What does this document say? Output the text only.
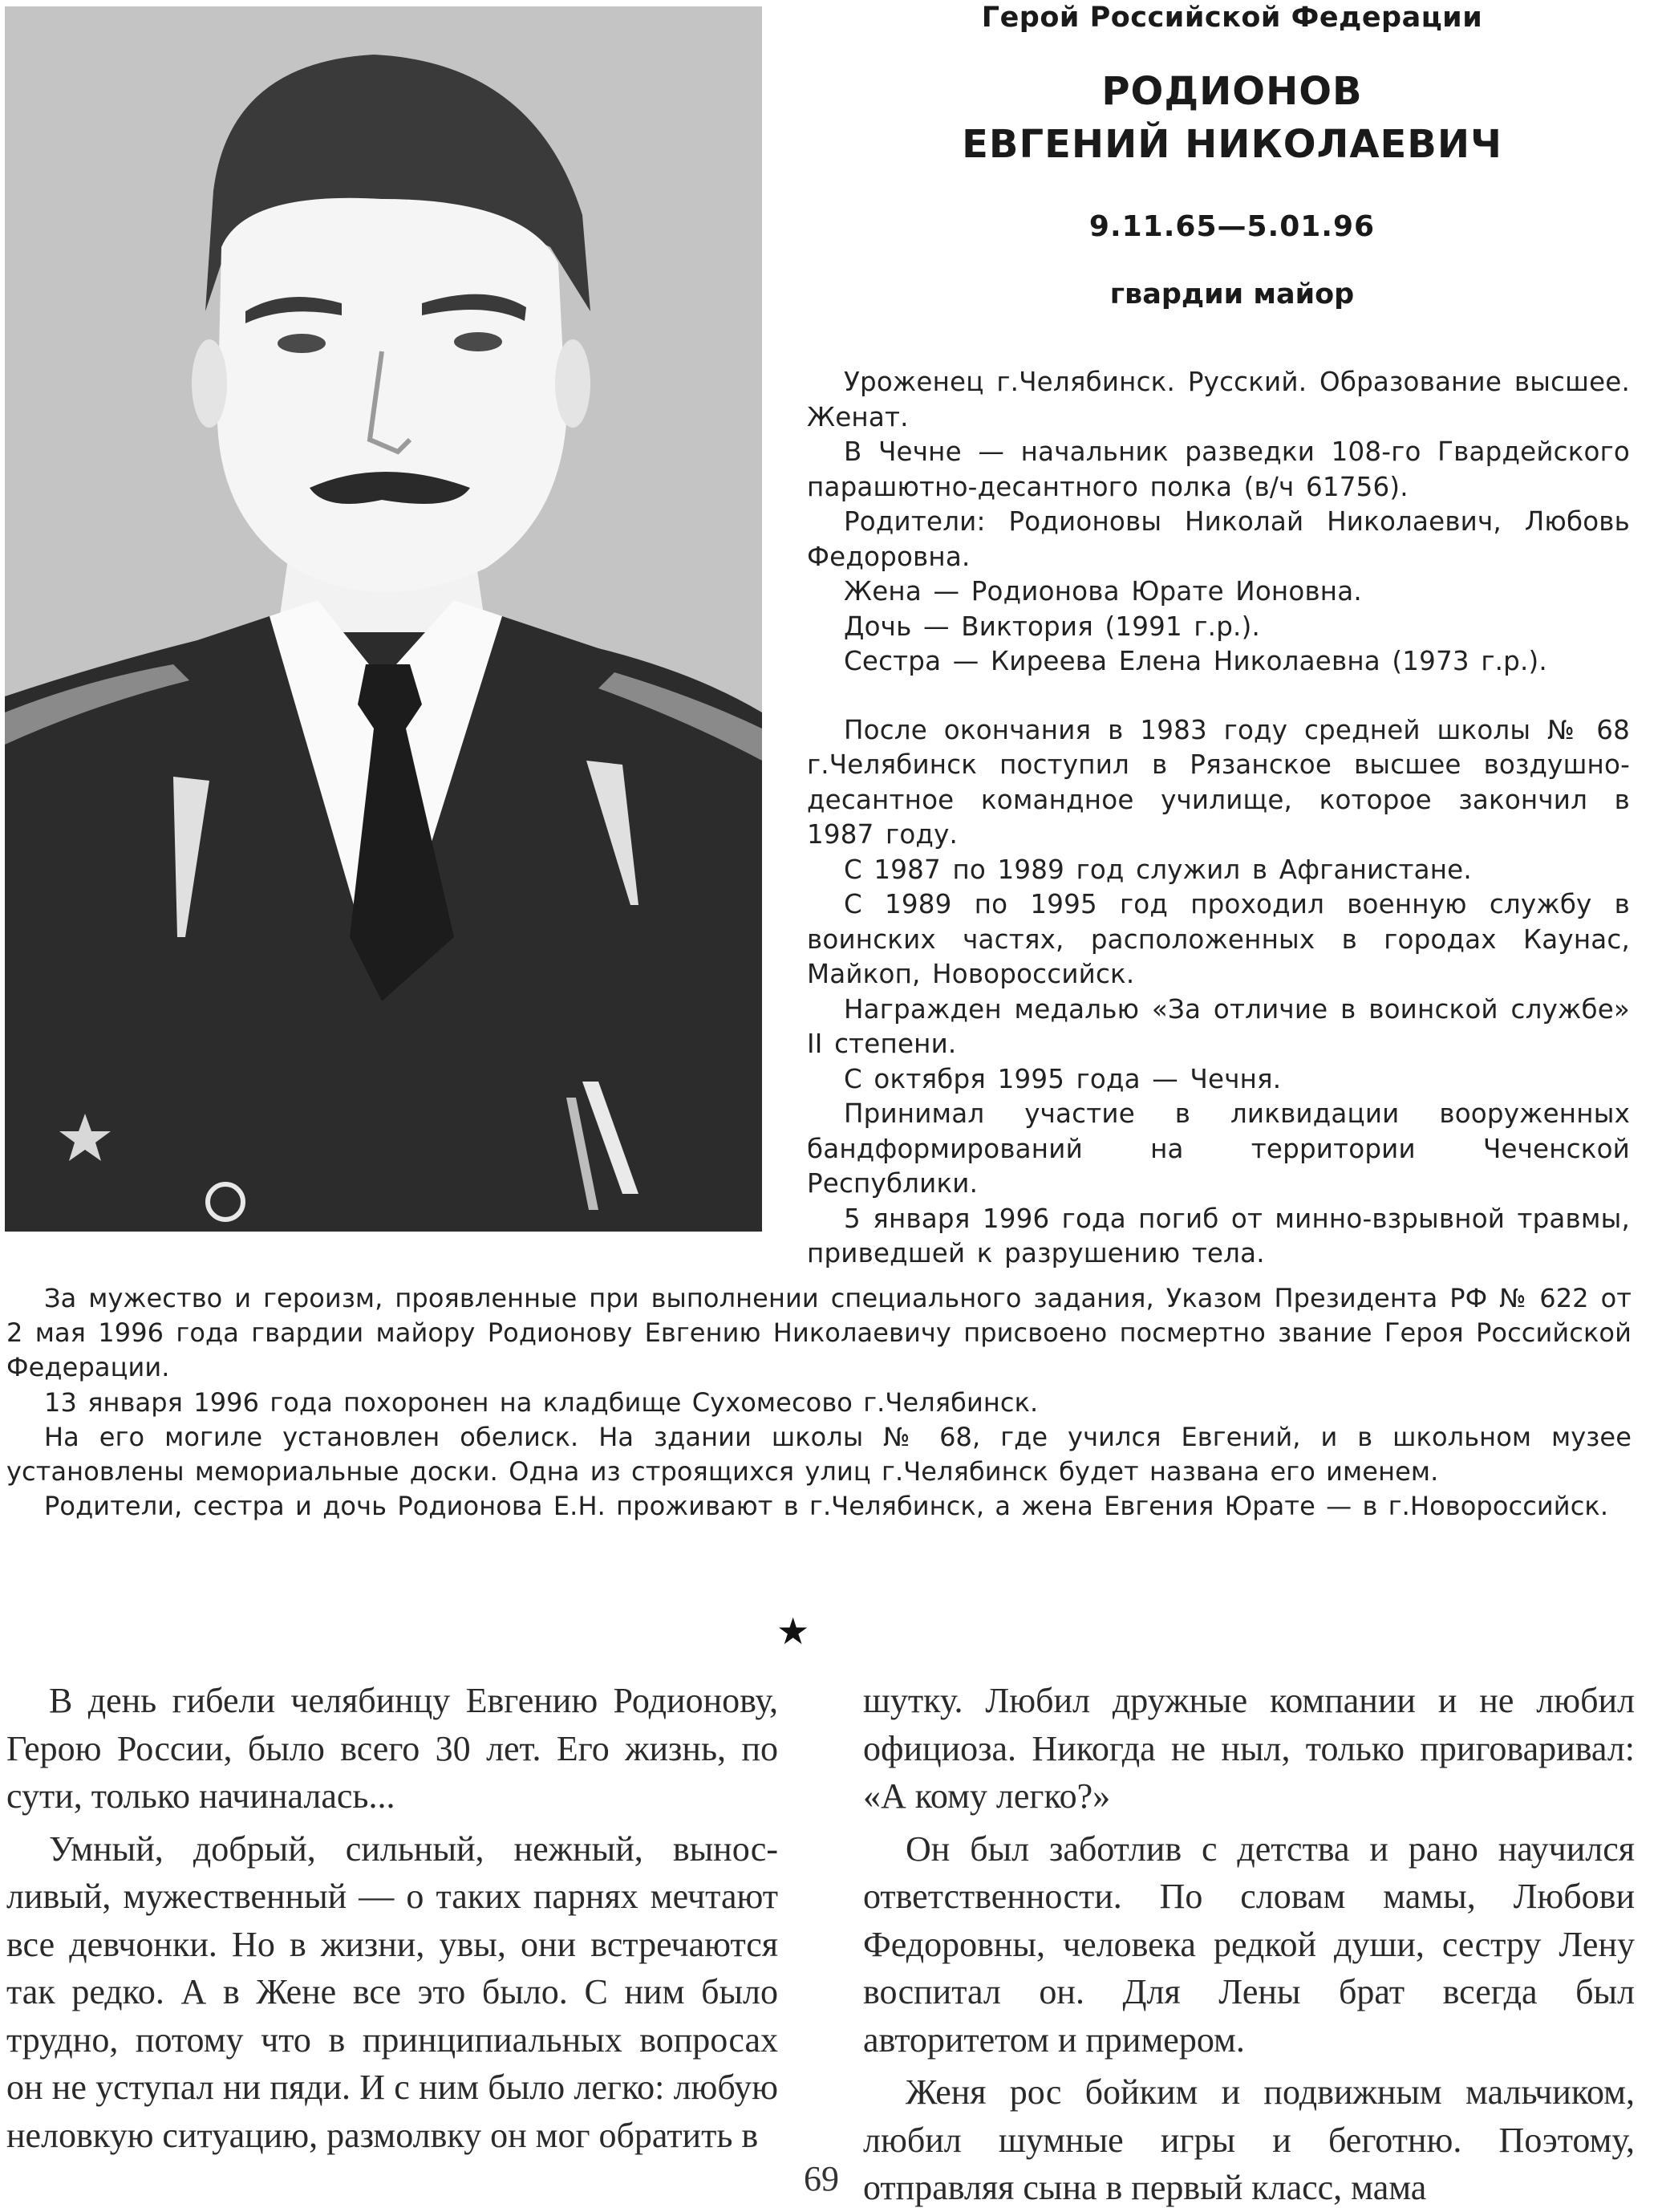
Герой Российской Федерации
РОДИОНОВ
ЕВГЕНИЙ НИКОЛАЕВИЧ
9.11.65—5.01.96
гвардии майор

Уроженец г.Челябинск. Русский. Образование высшее. Женат.

В Чечне — начальник разведки 108-го Гвардейского парашютно-десантного полка (в/ч 61756).

Родители: Родионовы Николай Николаевич, Любовь Федоровна.

Жена — Родионова Юрате Ионовна.

Дочь — Виктория (1991 г.р.).

Сестра — Киреева Елена Николаевна (1973 г.р.).

После окончания в 1983 году средней школы № 68 г.Челябинск поступил в Рязанское высшее воздушно-десантное командное училище, которое закончил в 1987 году.

С 1987 по 1989 год служил в Афганистане.

С 1989 по 1995 год проходил военную службу в воинских частях, расположенных в городах Каунас, Майкоп, Новороссийск.

Награжден медалью «За отличие в воинской службе» II степени.

С октября 1995 года — Чечня.

Принимал участие в ликвидации вооруженных бандформирований на территории Чеченской Республики.

5 января 1996 года погиб от минно-взрывной травмы, приведшей к разрушению тела.

За мужество и героизм, проявленные при выполнении специального задания, Указом Президента РФ № 622 от 2 мая 1996 года гвардии майору Родионову Евгению Николаевичу присвоено посмертно звание Героя Российской Федерации.

13 января 1996 года похоронен на кладбище Сухомесово г.Челябинск.

На его могиле установлен обелиск. На здании школы № 68, где учился Евгений, и в школьном музее установлены мемориальные доски. Одна из строящихся улиц г.Челябинск будет названа его именем.

Родители, сестра и дочь Родионова Е.Н. проживают в г.Челябинск, а жена Евгения Юрате — в г.Новороссийск.

★

В день гибели челябинцу Евгению Родионову, Герою России, было всего 30 лет. Его жизнь, по сути, только начиналась...

Умный, добрый, сильный, нежный, выносливый, мужественный — о таких парнях мечтают все девчонки. Но в жизни, увы, они встречаются так редко. А в Жене все это было. С ним было трудно, потому что в принципиальных вопросах он не уступал ни пяди. И с ним было легко: любую неловкую ситуацию, размолвку он мог обратить в

шутку. Любил дружные компании и не любил официоза. Никогда не ныл, только приговаривал: «А кому легко?»

Он был заботлив с детства и рано научился ответственности. По словам мамы, Любови Федоровны, человека редкой души, сестру Лену воспитал он. Для Лены брат всегда был авторитетом и примером.

Женя рос бойким и подвижным мальчиком, любил шумные игры и беготню. Поэтому, отправляя сына в первый класс, мама

69
